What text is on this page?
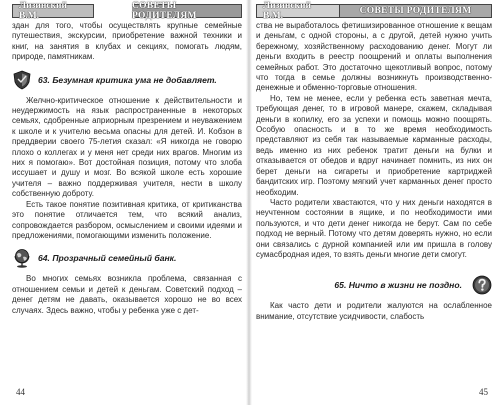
Лизинский В.М.
СОВЕТЫ РОДИТЕЛЯМ

здан для того, чтобы осуществлять крупные семейные путешествия, экскурсии, приобретение важной техники и книг, на занятия в клубах и секциях, помогать людям, природе, памятникам.

63. Безумная критика ума не добавляет.

Желчно-критическое отношение к действительности и неудержимость на язык распространенные в некоторых семьях, сдобренные априорным презрением и неуважением к школе и к учителю весьма опасны для детей. И. Кобзон в преддверии своего 75-летия сказал: «Я никогда не говорю плохо о коллегах и у меня нет среди них врагов. Многим из них я помогаю». Вот достойная позиция, потому что злоба иссушает и душу и мозг. Во всякой школе есть хорошие учителя – важно поддерживая учителя, нести в школу собственную доброту.

Есть такое понятие позитивная критика, от критиканства это понятие отличается тем, что всякий анализ, сопровождается разбором, осмыслением и своими идеями и предложениями, помогающими изменить положение.

64. Прозрачный семейный банк.

Во многих семьях возникла проблема, связанная с отношением семьи и детей к деньгам. Советский подход – денег детям не давать, оказывается хорошо не во всех случаях. Здесь важно, чтобы у ребенка уже с дет-

44
Лизинский В.М.	СОВЕТЫ РОДИТЕЛЯМ

ства не выработалось фетишизированное отношение к вещам и деньгам, с одной стороны, а с другой, детей нужно учить бережному, хозяйственному расходованию денег. Могут ли деньги входить в реестр поощрений и оплаты выполнения семейных работ. Это достаточно щекотливый вопрос, потому что тогда в семье должны возникнуть производственно-денежные и обменно-торговые отношения.

Но, тем не менее, если у ребенка есть заветная мечта, требующая денег, то в игровой манере, скажем, складывая деньги в копилку, его за успехи и помощь можно поощрять. Особую опасность и в то же время необходимость представляют из себя так называемые карманные расходы, ведь именно из них ребенок тратит деньги на булки и отказывается от обедов и вдруг начинает помнить, из них он берет деньги на сигареты и приобретение картриджей бандитских игр. Поэтому мягкий учет карманных денег просто необходим.

Часто родители хвастаются, что у них деньги находятся в неучтенном состоянии в ящике, и по необходимости ими пользуются, и что дети денег никогда не берут. Сам по себе подход не верный. Потому что детям доверять нужно, но если они связались с дурной компанией или им пришла в голову сумасбродная идея, то взять деньги многие дети смогут.

65. Ничто в жизни не поздно.

Как часто дети и родители жалуются на ослабленное внимание, отсутствие усидчивости, слабость

45
